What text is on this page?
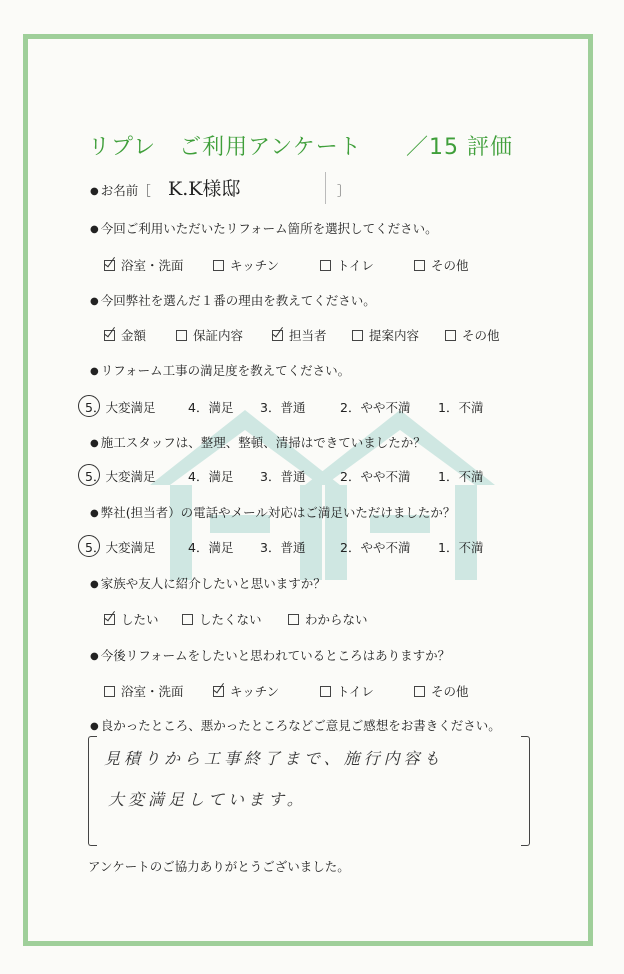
リプレ　ご利用アンケート ／15 評価
● お名前［ K.K様邸	］
● 今回ご利用いただいたリフォーム箇所を選択してください。
浴室・洗面	キッチン	トイレ	その他
● 今回弊社を選んだ１番の理由を教えてください。
金額	保証内容	担当者	提案内容	その他
● リフォーム工事の満足度を教えてください。
5．大変満足	4．満足 3．普通	2．やや不満 1．不満
● 施工スタッフは、整理、整頓、清掃はできていましたか？
5．大変満足	4．満足 3．普通	2．やや不満 1．不満
● 弊社(担当者）の電話やメール対応はご満足いただけましたか？
5．大変満足	4．満足 3．普通	2．やや不満 1．不満
● 家族や友人に紹介したいと思いますか？
したい	したくない	わからない
● 今後リフォームをしたいと思われているところはありますか？
浴室・洗面	キッチン	トイレ	その他
● 良かったところ、悪かったところなどご意見ご感想をお書きください。
見積りから工事終了まで、施行内容も
大変満足しています。
アンケートのご協力ありがとうございました。
